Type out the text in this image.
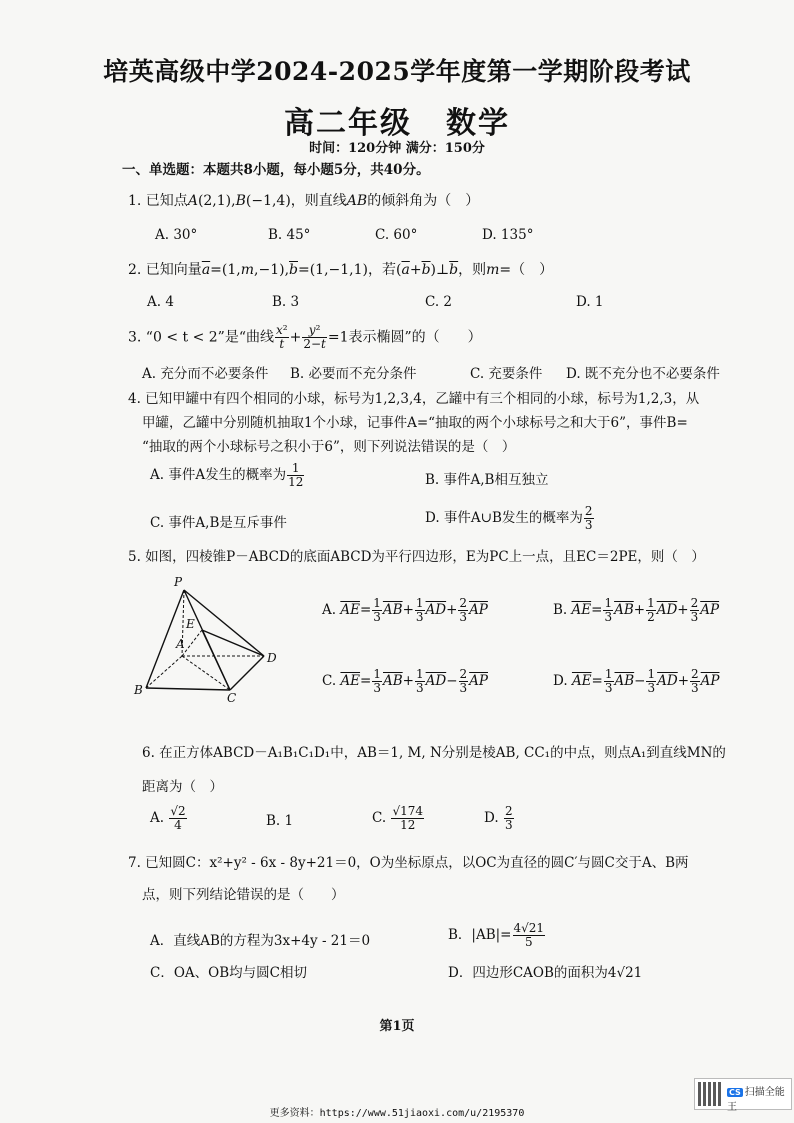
培英高级中学2024-2025学年度第一学期阶段考试
高二年级 数学
时间：120分钟 满分：150分
一、单选题：本题共8小题，每小题5分，共40分。
1. 已知点A(2,1),B(−1,4)，则直线AB的倾斜角为（　）
A. 30°	B. 45°	C. 60°	D. 135°
2. 已知向量$\overline{a}=(1,m,-1),\overline{b}=(1,-1,1)$，若$(\overline{a}+\overline{b})\perp\overline{b}$，则m=（　）
A. 4	B. 3	C. 2	D. 1
3. “0 < t < 2”是“曲线 $\frac{\text{x²}}{t} + \frac{\text{y²}}{2-t} =1$表示椭圆”的（　　）
A. 充分而不必要条件 B. 必要而不充分条件	C. 充要条件 D. 既不充分也不必要条件
4. 已知甲罐中有四个相同的小球，标号为1,2,3,4，乙罐中有三个相同的小球，标号为1,2,3，从
甲罐，乙罐中分别随机抽取1个小球，记事件A=“抽取的两个小球标号之和大于6”，事件B=
“抽取的两个小球标号之积小于6”，则下列说法错误的是（　）
A. 事件A发生的概率为 $\frac{1}{12}$	B. 事件A,B相互独立
C. 事件A,B是互斥事件	D. 事件A∪B发生的概率为 $\frac{2}{3}$
5. 如图，四棱锥P－ABCD的底面ABCD为平行四边形，E为PC上一点，且EC＝2PE，则（　）
P
E
A
D
B
C
A. $\overline{AE}= \frac{1}{3} \overline{AB}+ \frac{1}{3} \overline{AD}+ \frac{2}{3} \overline{AP}$	B. $\overline{AE}= \frac{1}{3} \overline{AB}+ \frac{1}{2} \overline{AD}+ \frac{2}{3} \overline{AP}$
C. $\overline{AE}= \frac{1}{3} \overline{AB}+ \frac{1}{3} \overline{AD}- \frac{2}{3} \overline{AP}$	D. $\overline{AE}= \frac{1}{3} \overline{AB}- \frac{1}{3} \overline{AD}+ \frac{2}{3} \overline{AP}$
6. 在正方体ABCD－A₁B₁C₁D₁中，AB＝1, M, N分别是棱AB, CC₁的中点，则点A₁到直线MN的
距离为（　）
A. $\frac{√2}{4}$	B. 1	C. $\frac{√174}{12}$	D. $\frac{2}{3}$
7. 已知圆C：x²+y² - 6x - 8y+21＝0，O为坐标原点，以OC为直径的圆C′与圆C交于A、B两
点，则下列结论错误的是（　　）
A．直线AB的方程为3x+4y - 21＝0	B．$|AB|= \frac{4√21}{5}$
C．OA、OB均与圆C相切	D．四边形CAOB的面积为4√21
第1页
CS 扫描全能王
更多资料：https://www.51jiaoxi.com/u/2195370
